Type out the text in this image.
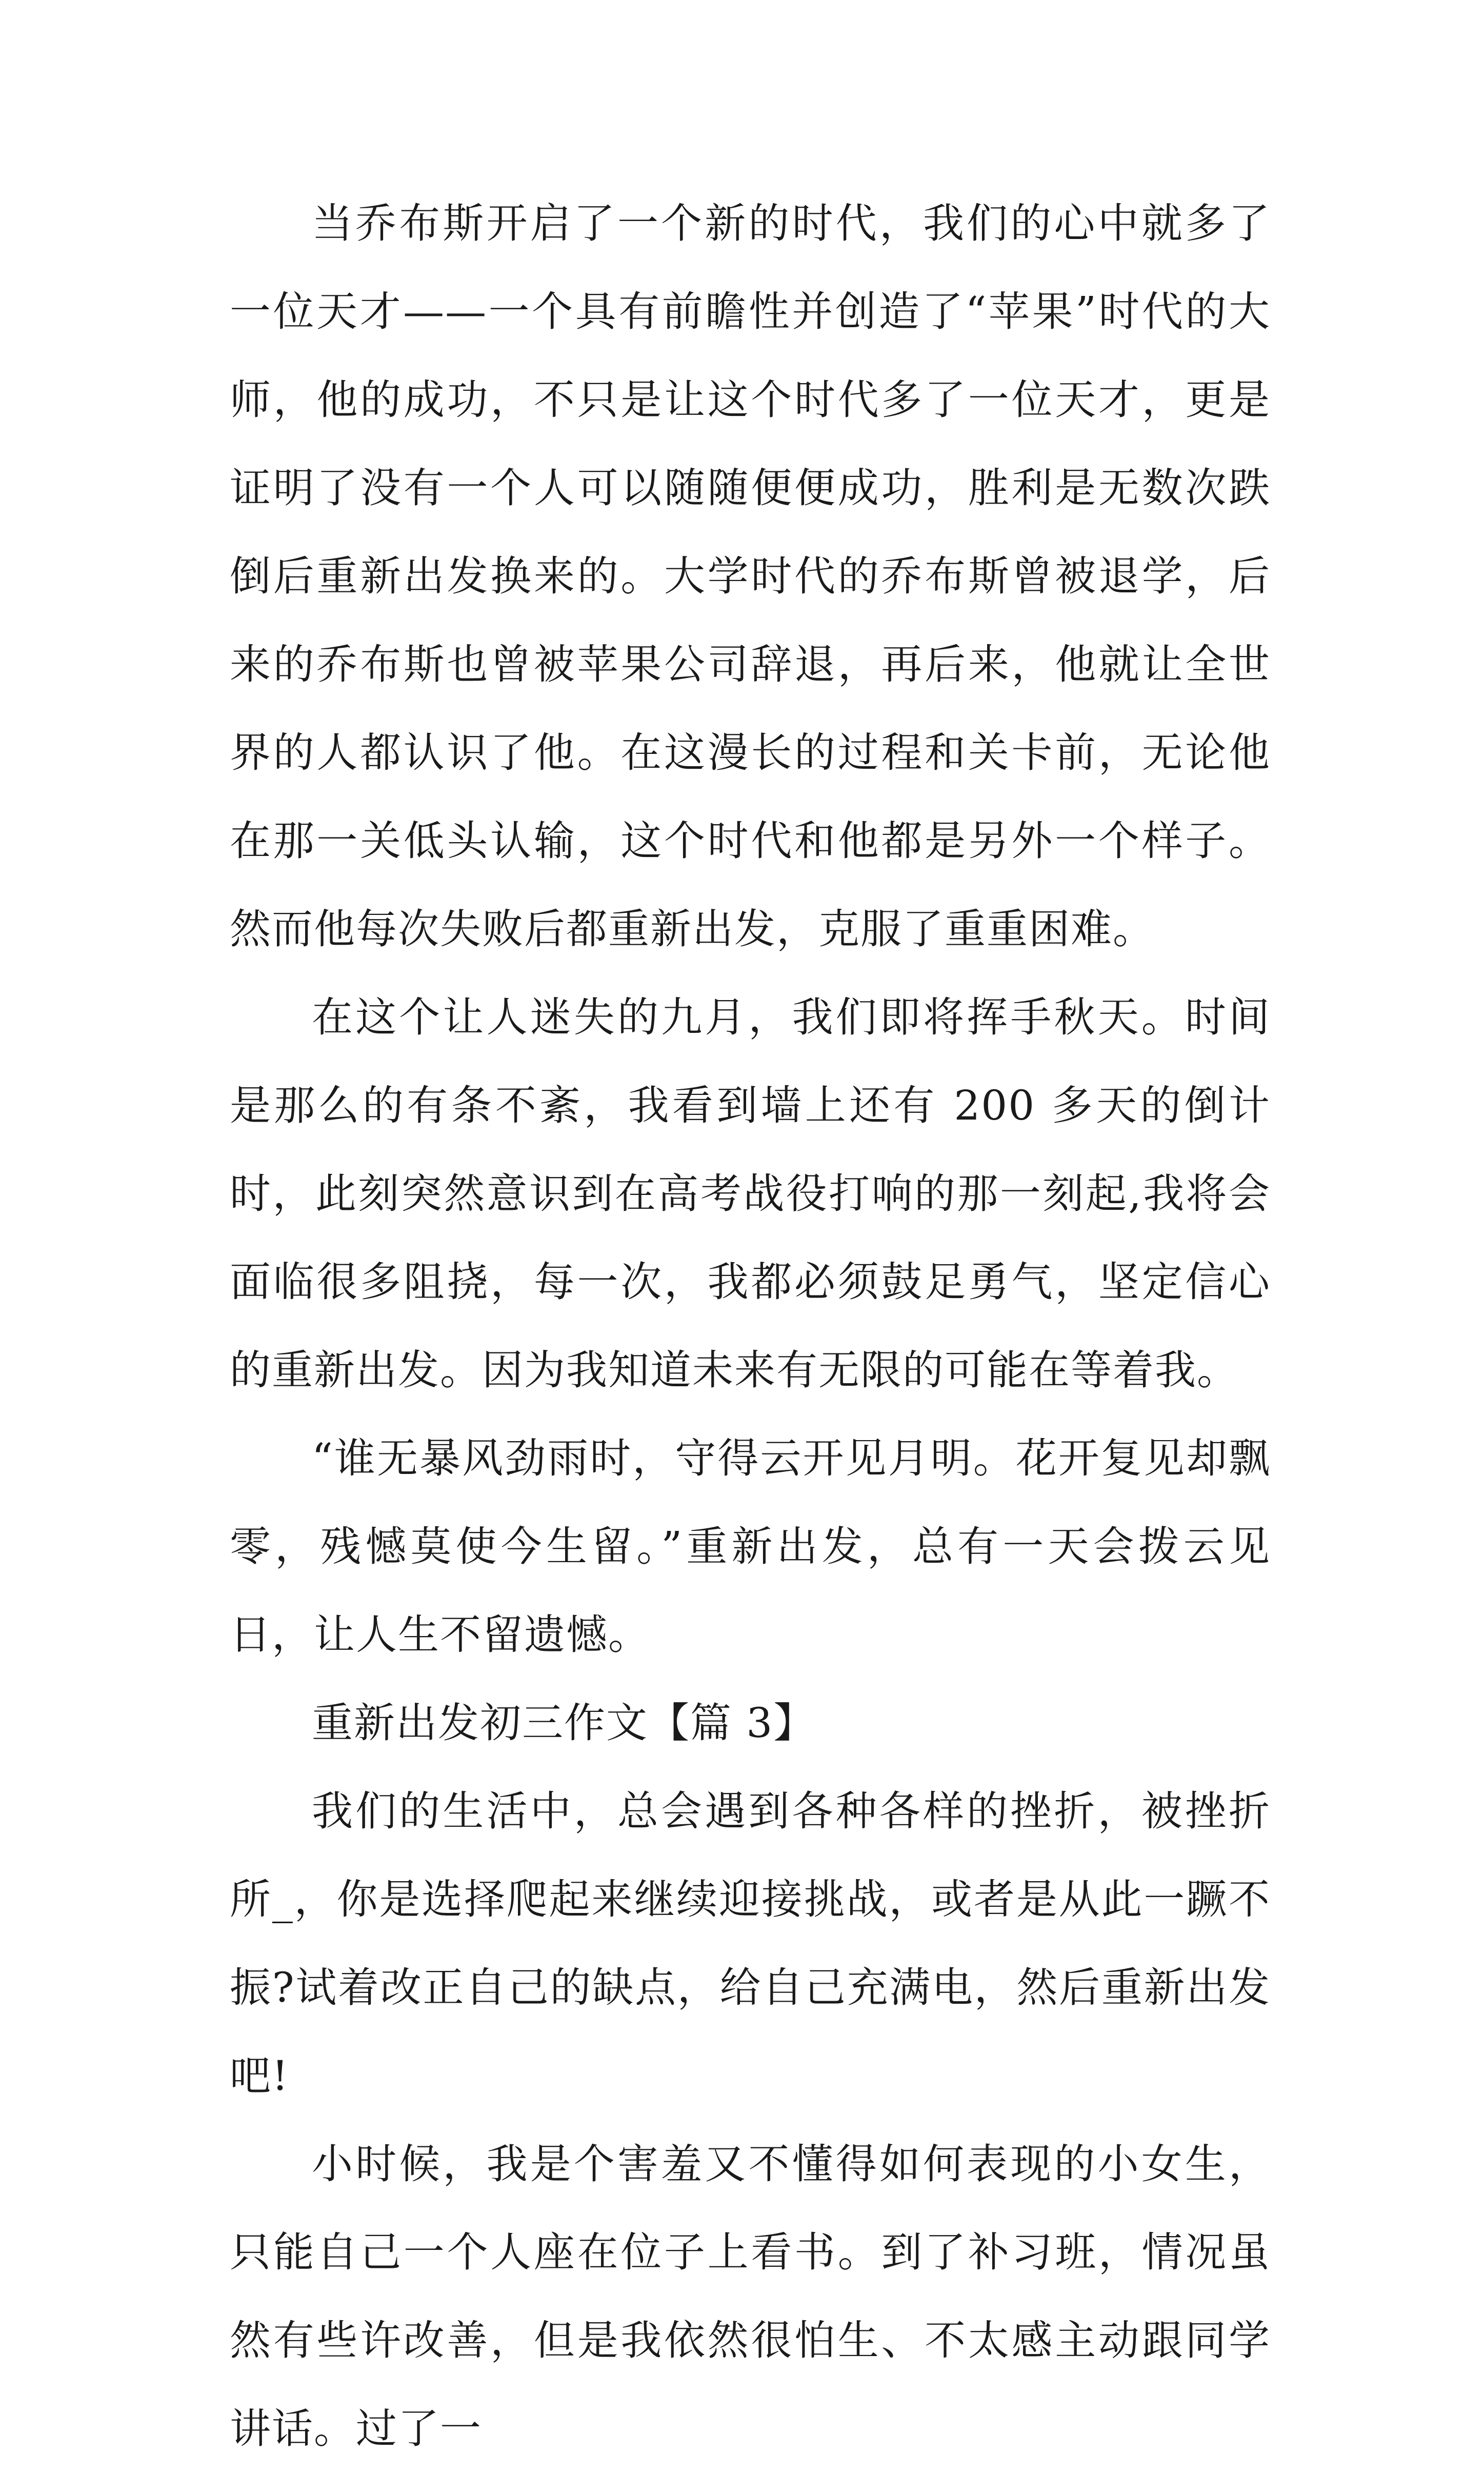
当乔布斯开启了一个新的时代，我们的心中就多了一位天才——一个具有前瞻性并创造了“苹果”时代的大师，他的成功，不只是让这个时代多了一位天才，更是证明了没有一个人可以随随便便成功，胜利是无数次跌倒后重新出发换来的。大学时代的乔布斯曾被退学，后来的乔布斯也曾被苹果公司辞退，再后来，他就让全世界的人都认识了他。在这漫长的过程和关卡前，无论他在那一关低头认输，这个时代和他都是另外一个样子。然而他每次失败后都重新出发，克服了重重困难。

在这个让人迷失的九月，我们即将挥手秋天。时间是那么的有条不紊，我看到墙上还有 200 多天的倒计时，此刻突然意识到在高考战役打响的那一刻起,我将会面临很多阻挠，每一次，我都必须鼓足勇气，坚定信心的重新出发。因为我知道未来有无限的可能在等着我。

“谁无暴风劲雨时，守得云开见月明。花开复见却飘零，残憾莫使今生留。”重新出发，总有一天会拨云见日，让人生不留遗憾。

重新出发初三作文【篇 3】

我们的生活中，总会遇到各种各样的挫折，被挫折所_，你是选择爬起来继续迎接挑战，或者是从此一蹶不振?试着改正自己的缺点，给自己充满电，然后重新出发吧!

小时候，我是个害羞又不懂得如何表现的小女生，只能自己一个人座在位子上看书。到了补习班，情况虽然有些许改善，但是我依然很怕生、不太感主动跟同学讲话。过了一
